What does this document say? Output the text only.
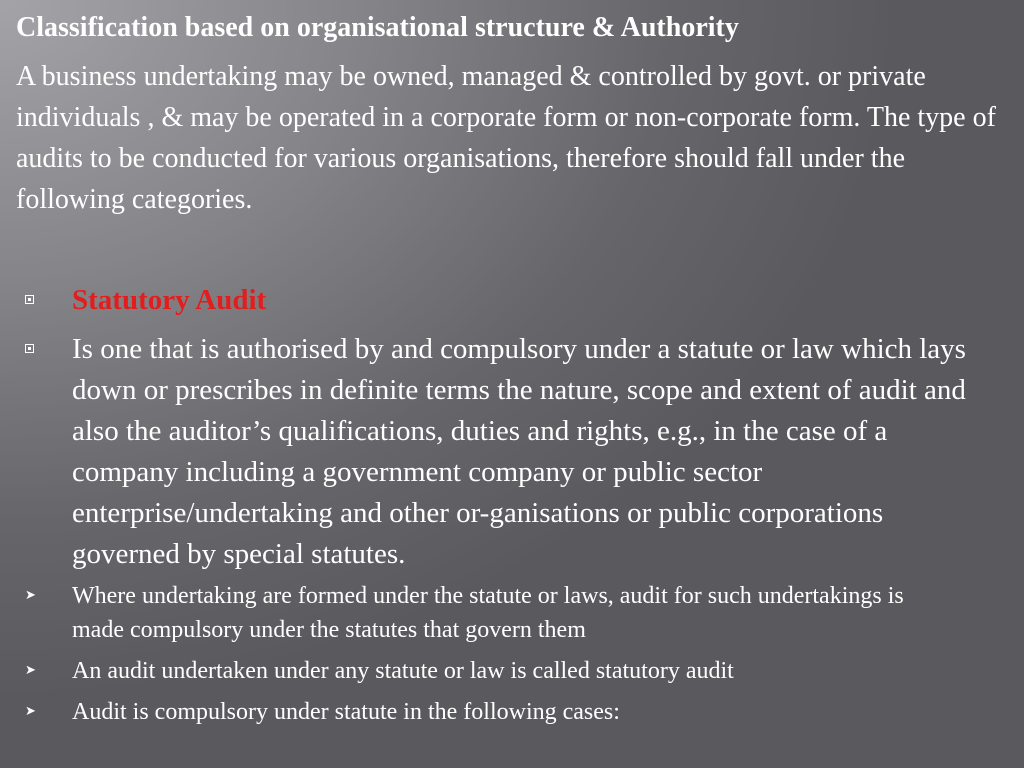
Classification based on organisational structure & Authority
A business undertaking may be owned, managed & controlled by govt. or private individuals , & may be operated in a corporate form or non-corporate form. The type of audits to be conducted for various organisations, therefore should fall under the following categories.
Statutory Audit
Is one that is authorised by and compulsory under a statute or law which lays down or prescribes in definite terms the nature, scope and extent of audit and also the auditor’s qualifications, duties and rights, e.g., in the case of a company including a government company or public sector enterprise/undertaking and other or-ganisations or public corporations governed by special statutes.
➤ Where undertaking are formed under the statute or laws, audit for such undertakings is made compulsory under the statutes that govern them
➤ An audit undertaken under any statute or law is called statutory audit
➤ Audit is compulsory under statute in the following cases:
